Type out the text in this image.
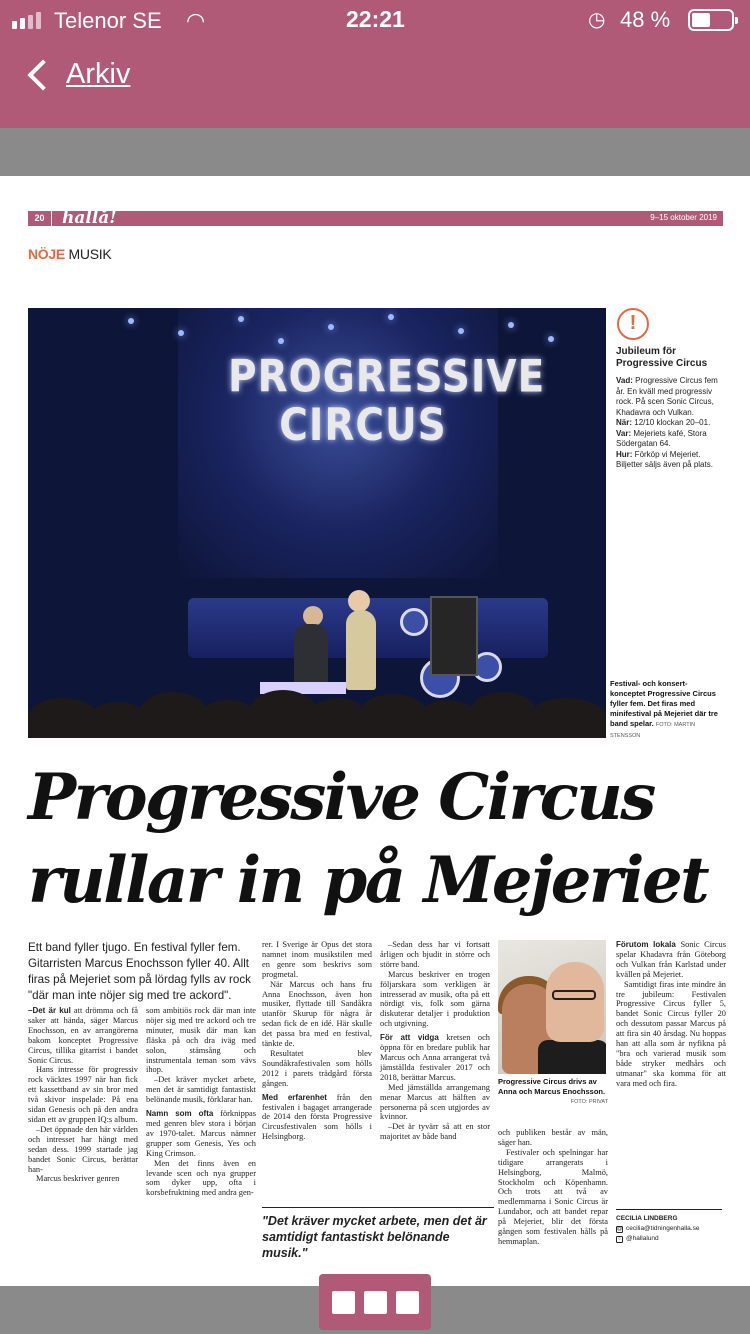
Telenor SE ◠	22:21	◷ 48 %
Arkiv
20	hallå!	9–15 oktober 2019
NÖJE MUSIK
PROGRESSIVE
CIRCUS
!
Jubileum för Progressive Circus

Vad: Progressive Circus fem år. En kväll med progressiv rock. På scen Sonic Circus, Khadavra och Vulkan.

När: 12/10 klockan 20–01.

Var: Mejeriets kafé, Stora Södergatan 64.

Hur: Förköp vi Mejeriet. Biljetter säljs även på plats.

Festival- och konsert-konceptet Progressive Circus fyller fem. Det firas med minifestival på Mejeriet där tre band spelar. FOTO: MARTIN STENSSON
Progressive Circus rullar in på Mejeriet

Ett band fyller tjugo. En festival fyller fem. Gitarristen Marcus Enochsson fyller 40. Allt firas på Mejeriet som på lördag fylls av rock "där man inte nöjer sig med tre ackord".

–Det är kul att drömma och få saker att hända, säger Marcus Enochsson, en av arrangörerna bakom konceptet Progressive Circus, tillika gitarrist i bandet Sonic Circus.

Hans intresse för progressiv rock väcktes 1997 när han fick ett kassettband av sin bror med två skivor inspelade: På ena sidan Genesis och på den andra sidan ett av gruppen IQ:s album.

–Det öppnade den här världen och intresset har hängt med sedan dess. 1999 startade jag bandet Sonic Circus, berättar han-

Marcus beskriver genren

som ambitiös rock där man inte nöjer sig med tre ackord och tre minuter, musik där man kan fläska på och dra iväg med solon, stämsång och instrumentala teman som vävs ihop.

–Det kräver mycket arbete, men det är samtidigt fantastiskt belönande musik, förklarar han.

Namn som ofta förknippas med genren blev stora i början av 1970-talet. Marcus nämner grupper som Genesis, Yes och King Crimson.

Men det finns även en levande scen och nya grupper som dyker upp, ofta i korsbefruktning med andra gen-

rer. I Sverige är Opus det stora namnet inom musikstilen med en genre som beskrivs som progmetal.

När Marcus och hans fru Anna Enochsson, även hon musiker, flyttade till Sandåkra utanför Skurup för några år sedan fick de en idé. Här skulle det passa bra med en festival, tänkte de.

Resultatet blev Soundåkrafestivalen som hölls 2012 i parets trädgård första gången.

Med erfarenhet från den festivalen i bagaget arrangerade de 2014 den första Progressive Circusfestivalen som hölls i Helsingborg.

–Sedan dess har vi fortsatt årligen och bjudit in större och större band.

Marcus beskriver en trogen följarskara som verkligen är intresserad av musik, ofta på ett nördigt vis, folk som gärna diskuterar detaljer i produktion och utgivning.

För att vidga kretsen och öppna för en bredare publik har Marcus och Anna arrangerat två jämställda festivaler 2017 och 2018, berättar Marcus.

Med jämställda arrangemang menar Marcus att hälften av personerna på scen utgjordes av kvinnor.

–Det är tyvärr så att en stor majoritet av både band

"Det kräver mycket arbete, men det är samtidigt fantastiskt belönande musik."
Progressive Circus drivs av Anna och Marcus Enochsson.
FOTO: PRIVAT

och publiken består av män, säger han.

Festivaler och spelningar har tidigare arrangerats i Helsingborg, Malmö, Stockholm och Köpenhamn. Och trots att två av medlemmarna i Sonic Circus är Lundabor, och att bandet repar på Mejeriet, blir det första gången som festivalen hålls på hemmaplan.

Förutom lokala Sonic Circus spelar Khadavra från Göteborg och Vulkan från Karlstad under kvällen på Mejeriet.

Samtidigt firas inte mindre än tre jubileum: Festivalen Progressive Circus fyller 5, bandet Sonic Circus fyller 20 och dessutom passar Marcus på att fira sin 40 årsdag. Nu hoppas han att alla som är nyfikna på "bra och varierad musik som både stryker medhårs och utmanar" ska komma för att vara med och fira.

CECILIA LINDBERG
@ cecilia@tidningenhalla.se
○ @hallalund
